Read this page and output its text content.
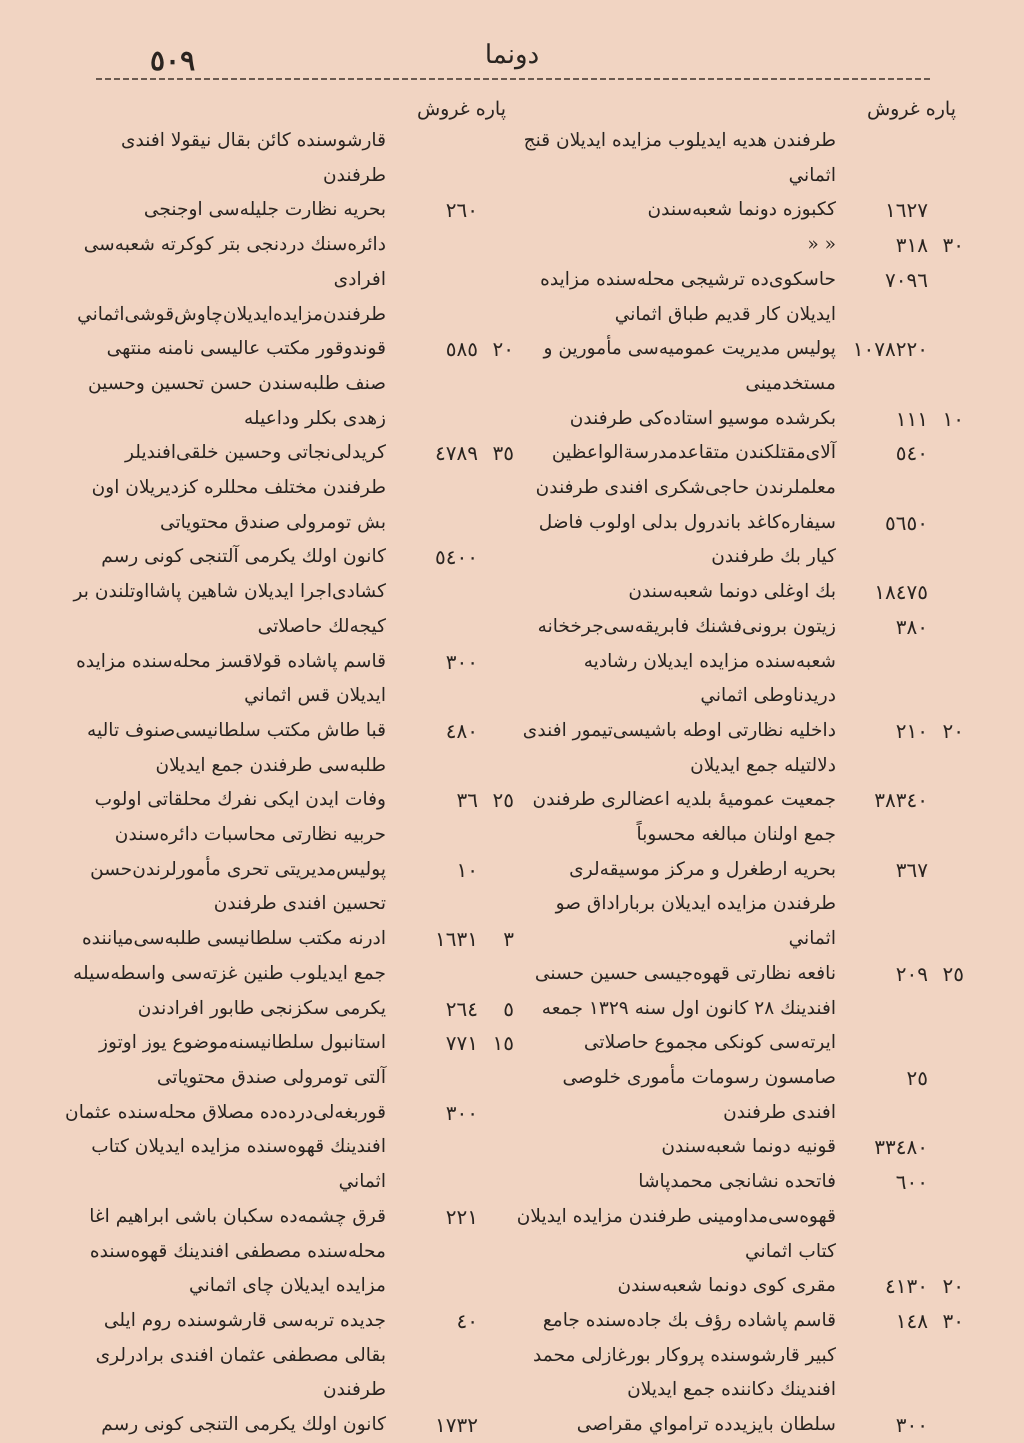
٥٠٩	دونما
پاره غروش
طرفندن هدیه ایدیلوب مزایده ایدیلان قنج اثماني
١٦٢٧
ککبوزه دونما شعبه‌سندن
٣٠٣١٨
« «
٧٠٩٦
حاسکوی‌ده ترشیجی محله‌سنده مزایده ایدیلان کار قدیم طباق اثماني
١٠٧٨٢٢٠
پولیس مدیریت عمومیه‌سی مأمورین و مستخدمینی
١٠١١١
بکرشده موسیو استاده‌کی طرفندن
٥٤٠
آلای‌مقتلکندن متقاعدمدرسة‌الواعظین معلملرندن حاجی‌شکری افندی طرفندن
٥٦٥٠
سیفاره‌کاغد باندرول بدلی اولوب فاضل کیار بك طرفندن
١٨٤٧٥
بك اوغلی دونما شعبه‌سندن
٣٨٠
زیتون برونی‌فشنك فابریقه‌سی‌جرخخانه شعبه‌سنده مزایده ایدیلان رشادیه دریدناوطی اثماني
٢٠٢١٠
داخلیه نظارتی اوطه باشیسی‌تیمور افندی دلالتیله جمع ایدیلان
٣٨٣٤٠
جمعیت عمومیهٔ بلدیه اعضالری طرفندن جمع اولنان مبالغه محسوباً
٣٦٧
بحریه ارطغرل و مرکز موسیقه‌لری طرفندن مزایده ایدیلان برباراداق صو اثماني
٢٥٢٠٩
نافعه نظارتی قهوه‌جیسی حسین حسنی افندینك ٢٨ کانون اول سنه ١٣٢٩ جمعه ایرته‌سی کونکی مجموع حاصلاتی
٢٥
صامسون رسومات مأموری خلوصی افندی طرفندن
٣٣٤٨٠
قونیه دونما شعبه‌سندن
٦٠٠
فاتحده نشانجی محمدپاشا قهوه‌سی‌مداومینی طرفندن مزایده ایدیلان کتاب اثماني
٢٠٤١٣٠
مقری کوی دونما شعبه‌سندن
٣٠١٤٨
قاسم پاشاده رؤف بك جاده‌سنده جامع کبیر قارشوسنده پروکار بورغازلی محمد افندینك دکاننده جمع ایدیلان
٣٠٠
سلطان بایزیدده ترامواي مقراصی
پاره غروش
قارشوسنده کائن بقال نیقولا افندی طرفندن
٢٦٠
بحریه نظارت جلیله‌سی اوجنجی دائره‌سنك دردنجی بتر کوکرته شعبه‌سی افرادی طرفندن‌مزایده‌ایدیلان‌چاوش‌قوشی‌اثماني
٢٠٥٨٥
قوندوقور مکتب عالیسی نامنه منتهی صنف طلبه‌سندن حسن تحسین وحسین زهدی بکلر وداعیله
٣٥٤٧٨٩
کریدلی‌نجاتی وحسین خلقی‌افندیلر طرفندن مختلف محللره کزدیریلان اون بش تومرولی صندق محتویاتی
٥٤٠٠
کانون اولك یکرمی آلتنجی کونی رسم کشادی‌اجرا ایدیلان شاهین پاشااوتلندن بر کیجه‌لك حاصلاتی
٣٠٠
قاسم پاشاده قولاقسز محله‌سنده مزایده ایدیلان قس اثماني
٤٨٠
قبا طاش مکتب سلطانیسی‌صنوف تالیه طلبه‌سی طرفندن جمع ایدیلان
٢٥٣٦
وفات ایدن ایکی نفرك محلقاتی اولوب حربیه نظارتی محاسبات دائره‌سندن
١٠
پولیس‌مدیریتی تحری مأمورلرندن‌حسن تحسین افندی طرفندن
٣١٦٣١
ادرنه مکتب سلطانیسی طلبه‌سی‌میاننده جمع ایدیلوب طنین غزته‌سی واسطه‌سیله
٥٢٦٤
یکرمی سکزنجی طابور افرادندن
١٥٧٧١
استانبول سلطانیسنه‌موضوع یوز اوتوز آلتی تومرولی صندق محتویاتی
٣٠٠
قوربغه‌لی‌درده‌ده مصلاق محله‌سنده عثمان افندینك قهوه‌سنده مزایده ایدیلان کتاب اثماني
٢٢١
قرق چشمه‌ده سکبان باشی ابراهیم اغا محله‌سنده مصطفی افندینك قهوه‌سنده مزایده ایدیلان چای اثماني
٤٠
جدیده تربه‌سی قارشوسنده روم ایلی بقالی مصطفی عثمان افندی برادرلری طرفندن
١٧٣٢
کانون اولك یکرمی التنجی کونی رسم
